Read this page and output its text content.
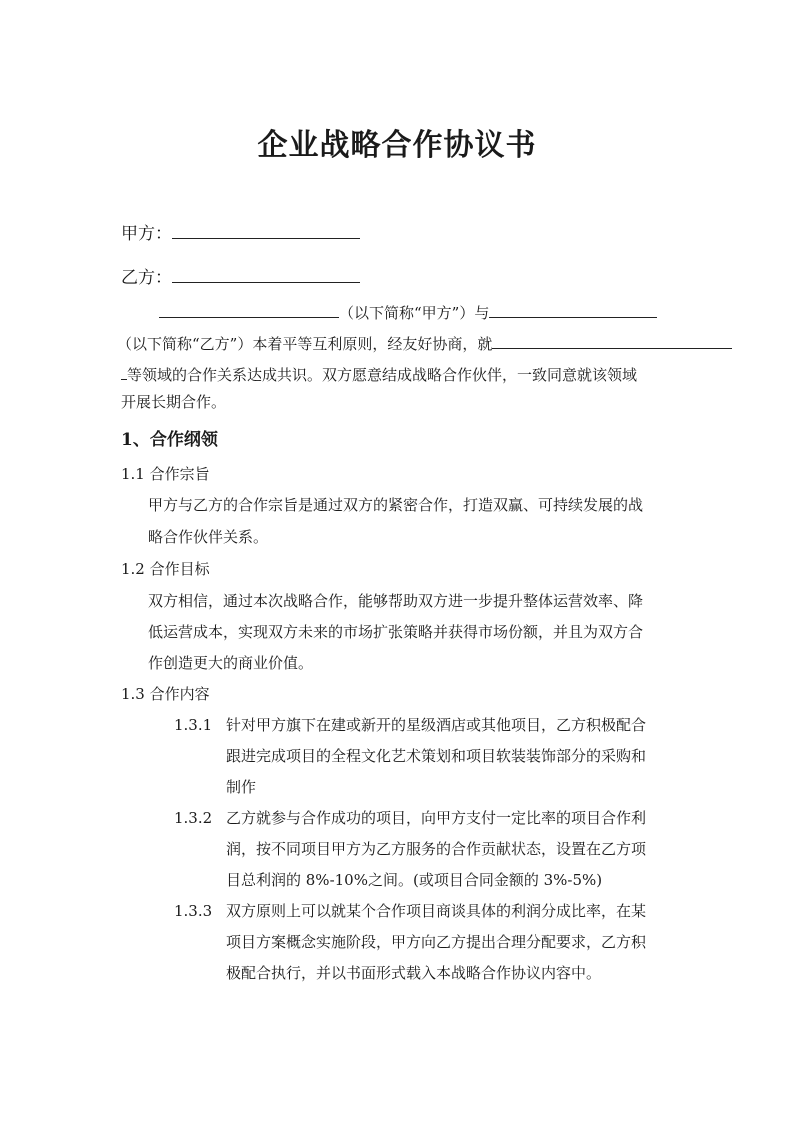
企业战略合作协议书
甲方：
乙方：
（以下简称“甲方”）与
（以下简称“乙方”）本着平等互利原则，经友好协商，就
等领域的合作关系达成共识。双方愿意结成战略合作伙伴，一致同意就该领域
开展长期合作。
1、合作纲领
1.1 合作宗旨
甲方与乙方的合作宗旨是通过双方的紧密合作，打造双赢、可持续发展的战
略合作伙伴关系。
1.2 合作目标
双方相信，通过本次战略合作，能够帮助双方进一步提升整体运营效率、降
低运营成本，实现双方未来的市场扩张策略并获得市场份额，并且为双方合
作创造更大的商业价值。
1.3 合作内容
1.3.1 针对甲方旗下在建或新开的星级酒店或其他项目，乙方积极配合
跟进完成项目的全程文化艺术策划和项目软装装饰部分的采购和
制作
1.3.2 乙方就参与合作成功的项目，向甲方支付一定比率的项目合作利
润，按不同项目甲方为乙方服务的合作贡献状态，设置在乙方项
目总利润的 8%-10%之间。(或项目合同金额的 3%-5%)
1.3.3 双方原则上可以就某个合作项目商谈具体的利润分成比率，在某
项目方案概念实施阶段，甲方向乙方提出合理分配要求，乙方积
极配合执行，并以书面形式载入本战略合作协议内容中。
